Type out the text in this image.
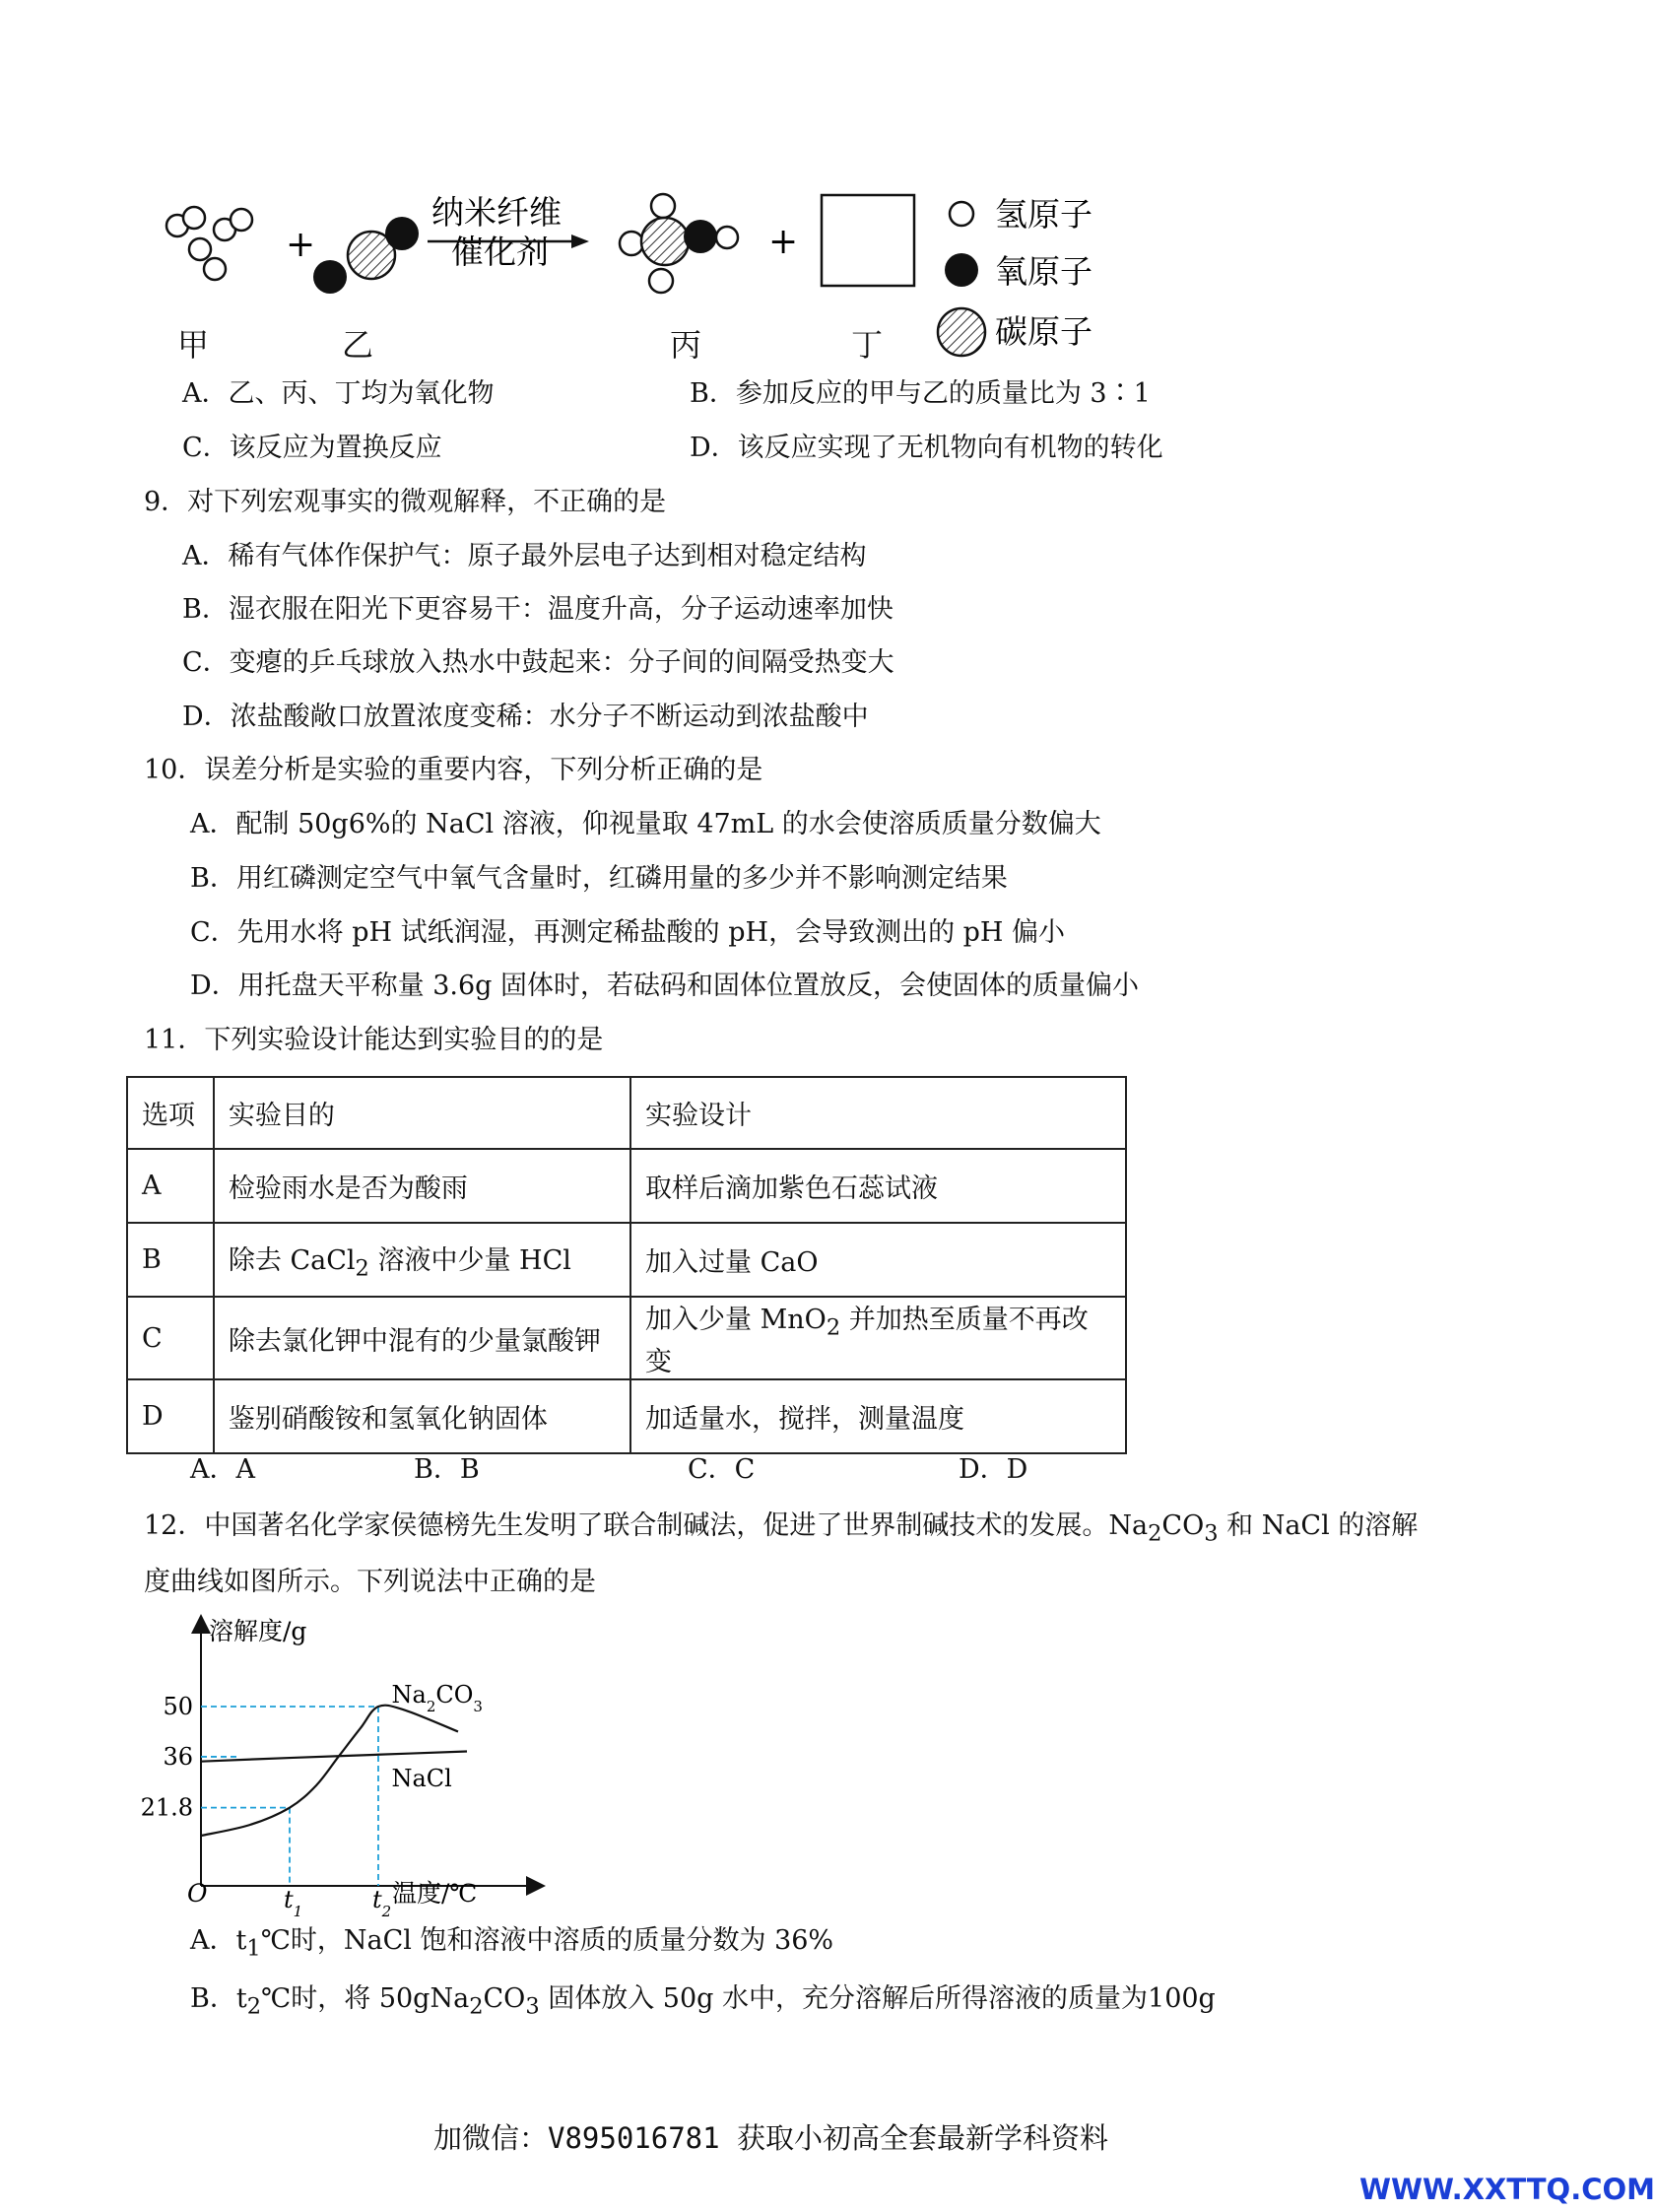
+
纳米纤维
催化剂	+
氢原子
氧原子
碳原子
甲	乙	丙	丁
A．乙、丙、丁均为氧化物	B．参加反应的甲与乙的质量比为 3∶1
C．该反应为置换反应	D．该反应实现了无机物向有机物的转化
9．对下列宏观事实的微观解释，不正确的是
A．稀有气体作保护气：原子最外层电子达到相对稳定结构
B．湿衣服在阳光下更容易干：温度升高，分子运动速率加快
C．变瘪的乒乓球放入热水中鼓起来：分子间的间隔受热变大
D．浓盐酸敞口放置浓度变稀：水分子不断运动到浓盐酸中
10．误差分析是实验的重要内容，下列分析正确的是
A．配制 50g6%的 NaCl 溶液，仰视量取 47mL 的水会使溶质质量分数偏大
B．用红磷测定空气中氧气含量时，红磷用量的多少并不影响测定结果
C．先用水将 pH 试纸润湿，再测定稀盐酸的 pH，会导致测出的 pH 偏小
D．用托盘天平称量 3.6g 固体时，若砝码和固体位置放反，会使固体的质量偏小
11．下列实验设计能达到实验目的的是
选项	实验目的	实验设计
A	检验雨水是否为酸雨	取样后滴加紫色石蕊试液
B	除去 CaCl$_2$ 溶液中少量 HCl	加入过量 CaO
C	除去氯化钾中混有的少量氯酸钾	加入少量 MnO$_2$ 并加热至质量不再改变
D	鉴别硝酸铵和氢氧化钠固体	加适量水，搅拌，测量温度
A．A	B．B	C．C	D．D
12．中国著名化学家侯德榜先生发明了联合制碱法，促进了世界制碱技术的发展。$Na_2CO_3$ 和 NaCl 的溶解
度曲线如图所示。下列说法中正确的是
溶解度/g
温度/℃
O
$Na_2CO_3$
NaCl
21.8
36
50
$t_1$	$t_2$
A．$t_1℃$时，NaCl 饱和溶液中溶质的质量分数为 36%
B．$t_2℃$时，将 $50gNa_2CO_3$ 固体放入 50g 水中，充分溶解后所得溶液的质量为100g
加微信：V895016781 获取小初高全套最新学科资料
WWW.XXTTQ.COM
